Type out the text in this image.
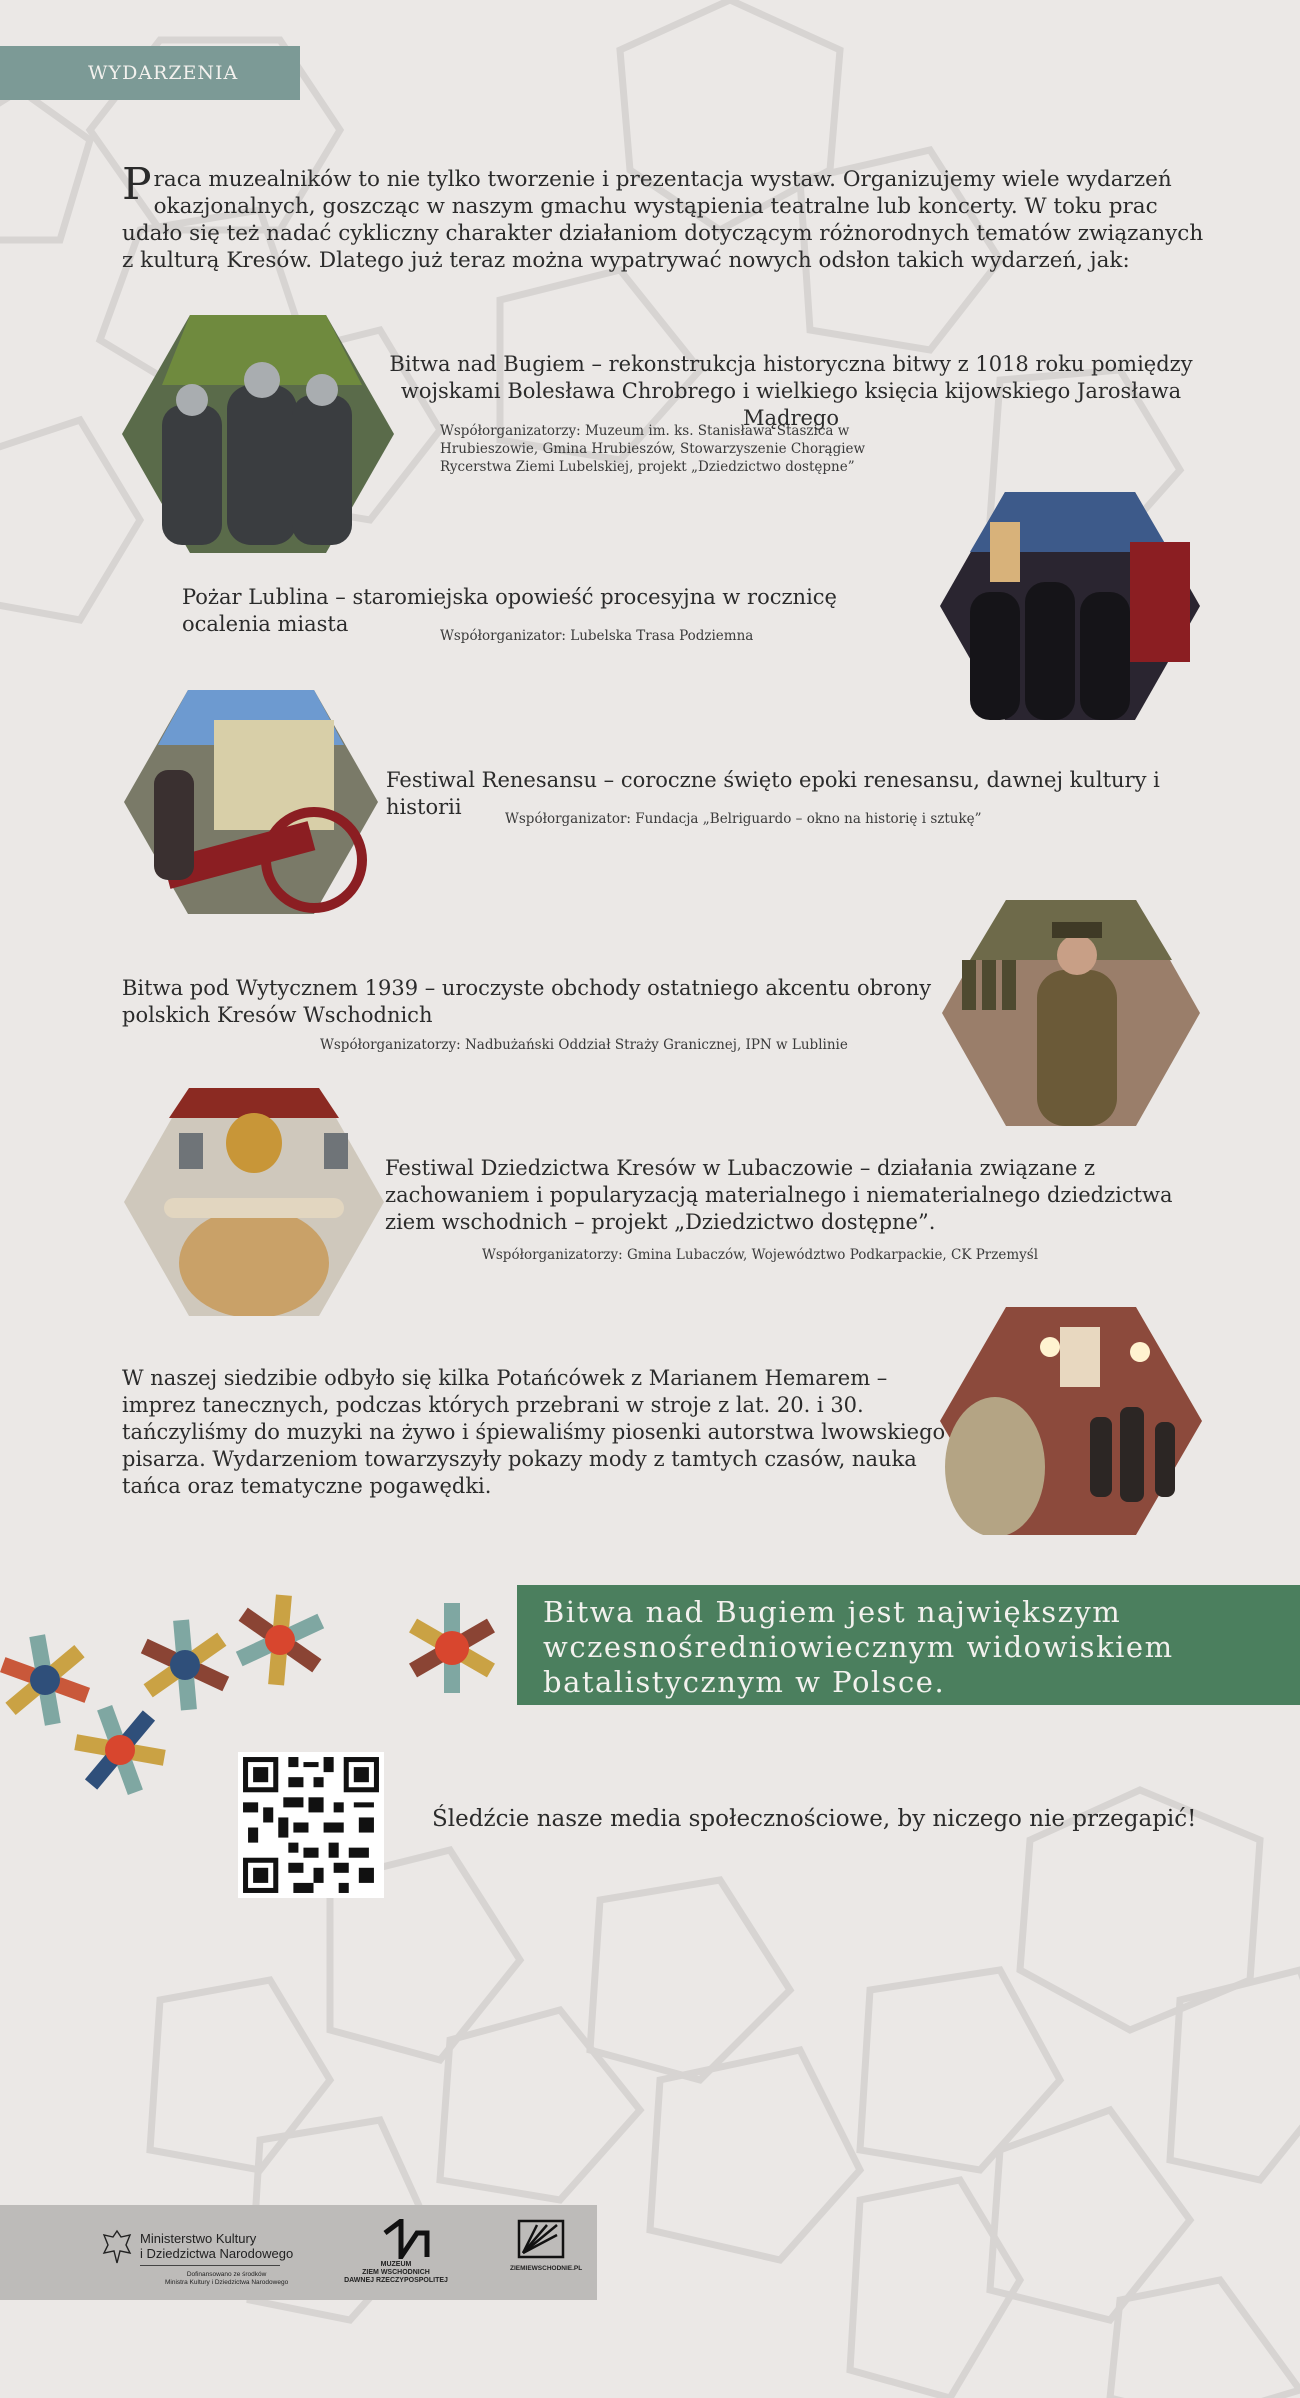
WYDARZENIA
Praca muzealników to nie tylko tworzenie i prezentacja wystaw. Organizujemy wiele wydarzeń okazjonalnych, goszcząc w naszym gmachu wystąpienia teatralne lub koncerty. W toku prac udało się też nadać cykliczny charakter działaniom dotyczącym różnorodnych tematów związanych z kulturą Kresów. Dlatego już teraz można wypatrywać nowych odsłon takich wydarzeń, jak:
Bitwa nad Bugiem – rekonstrukcja historyczna bitwy z 1018 roku pomiędzy wojskami Bolesława Chrobrego i wielkiego księcia kijowskiego Jarosława Mądrego
Współorganizatorzy: Muzeum im. ks. Stanisława Staszica w Hrubieszowie, Gmina Hrubieszów, Stowarzyszenie Chorągiew Rycerstwa Ziemi Lubelskiej, projekt „Dziedzictwo dostępne”
Pożar Lublina – staromiejska opowieść procesyjna w rocznicę ocalenia miasta	Współorganizator: Lubelska Trasa Podziemna
Festiwal Renesansu – coroczne święto epoki renesansu, dawnej kultury i historii	Współorganizator: Fundacja „Belriguardo – okno na historię i sztukę”
Bitwa pod Wytycznem 1939 – uroczyste obchody ostatniego akcentu obrony polskich Kresów Wschodnich
Współorganizatorzy: Nadbużański Oddział Straży Granicznej, IPN w Lublinie
Festiwal Dziedzictwa Kresów w Lubaczowie – działania związane z zachowaniem i popularyzacją materialnego i niematerialnego dziedzictwa ziem wschodnich – projekt „Dziedzictwo dostępne”.
Współorganizatorzy: Gmina Lubaczów, Województwo Podkarpackie, CK Przemyśl
W naszej siedzibie odbyło się kilka Potańcówek z Marianem Hemarem – imprez tanecznych, podczas których przebrani w stroje z lat. 20. i 30. tańczyliśmy do muzyki na żywo i śpiewaliśmy piosenki autorstwa lwowskiego pisarza. Wydarzeniom towarzyszyły pokazy mody z tamtych czasów, nauka tańca oraz tematyczne pogawędki.
Bitwa nad Bugiem jest największym wczesnośredniowiecznym widowiskiem batalistycznym w Polsce.
Śledźcie nasze media społecznościowe, by niczego nie przegapić!
Ministerstwo Kultury
i Dziedzictwa Narodowego
Dofinansowano ze środków
Ministra Kultury i Dziedzictwa Narodowego
MUZEUM
ZIEM WSCHODNICH
DAWNEJ RZECZYPOSPOLITEJ
ZIEMIEWSCHODNIE.PL
